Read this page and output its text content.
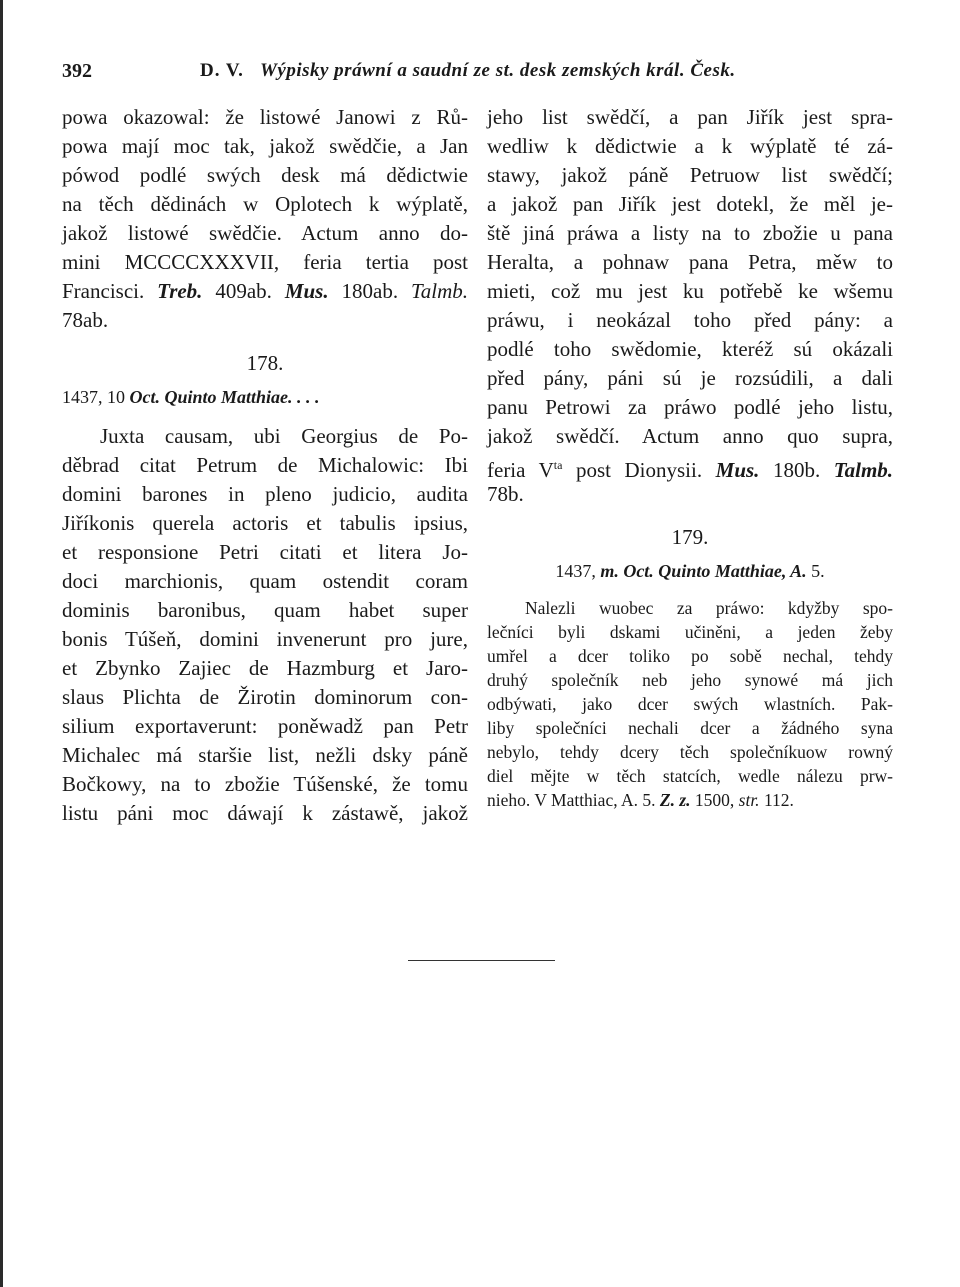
392	D. V. Wýpisky práwní a saudní ze st. desk zemských král. Česk.
powa okazowal: že listowé Janowi z Rů-
powa mají moc tak, jakož swědčie, a Jan
pówod podlé swých desk má dědictwie
na těch dědinách w Oplotech k wýplatě,
jakož listowé swědčie. Actum anno do-
mini MCCCCXXXVII, feria tertia post
Francisci. Treb. 409ab. Mus. 180ab. Talmb.
78ab.
178.
1437, 10 Oct. Quinto Matthiae. . . .
Juxta causam, ubi Georgius de Po-
děbrad citat Petrum de Michalowic: Ibi
domini barones in pleno judicio, audita
Jiříkonis querela actoris et tabulis ipsius,
et responsione Petri citati et litera Jo-
doci marchionis, quam ostendit coram
dominis baronibus, quam habet super
bonis Túšeň, domini invenerunt pro jure,
et Zbynko Zajiec de Hazmburg et Jaro-
slaus Plichta de Žirotin dominorum con-
silium exportaverunt: poněwadž pan Petr
Michalec má staršie list, nežli dsky páně
Bočkowy, na to zbožie Túšenské, že tomu
listu páni moc dáwají k zástawě, jakož
jeho list swědčí, a pan Jiřík jest spra-
wedliw k dědictwie a k wýplatě té zá-
stawy, jakož páně Petruow list swědčí;
a jakož pan Jiřík jest dotekl, že měl je-
ště jiná práwa a listy na to zbožie u pana
Heralta, a pohnaw pana Petra, měw to
mieti, což mu jest ku potřebě ke wšemu
práwu, i neokázal toho před pány: a
podlé toho swědomie, kteréž sú okázali
před pány, páni sú je rozsúdili, a dali
panu Petrowi za práwo podlé jeho listu,
jakož swědčí. Actum anno quo supra,
feria $V^{ta}$ post Dionysii. Mus. 180b. Talmb.
78b.
179.
1437, m. Oct. Quinto Matthiae, A. 5.
Nalezli wuobec za práwo: kdyžby spo-
lečníci byli dskami učiněni, a jeden žeby
umřel a dcer toliko po sobě nechal, tehdy
druhý společník neb jeho synowé má jich
odbýwati, jako dcer swých wlastních. Pak-
liby společníci nechali dcer a žádného syna
nebylo, tehdy dcery těch společníkuow rowný
diel mějte w těch statcích, wedle nálezu prw-
nieho. V Matthiac, A. 5. Z. z. 1500, str. 112.
